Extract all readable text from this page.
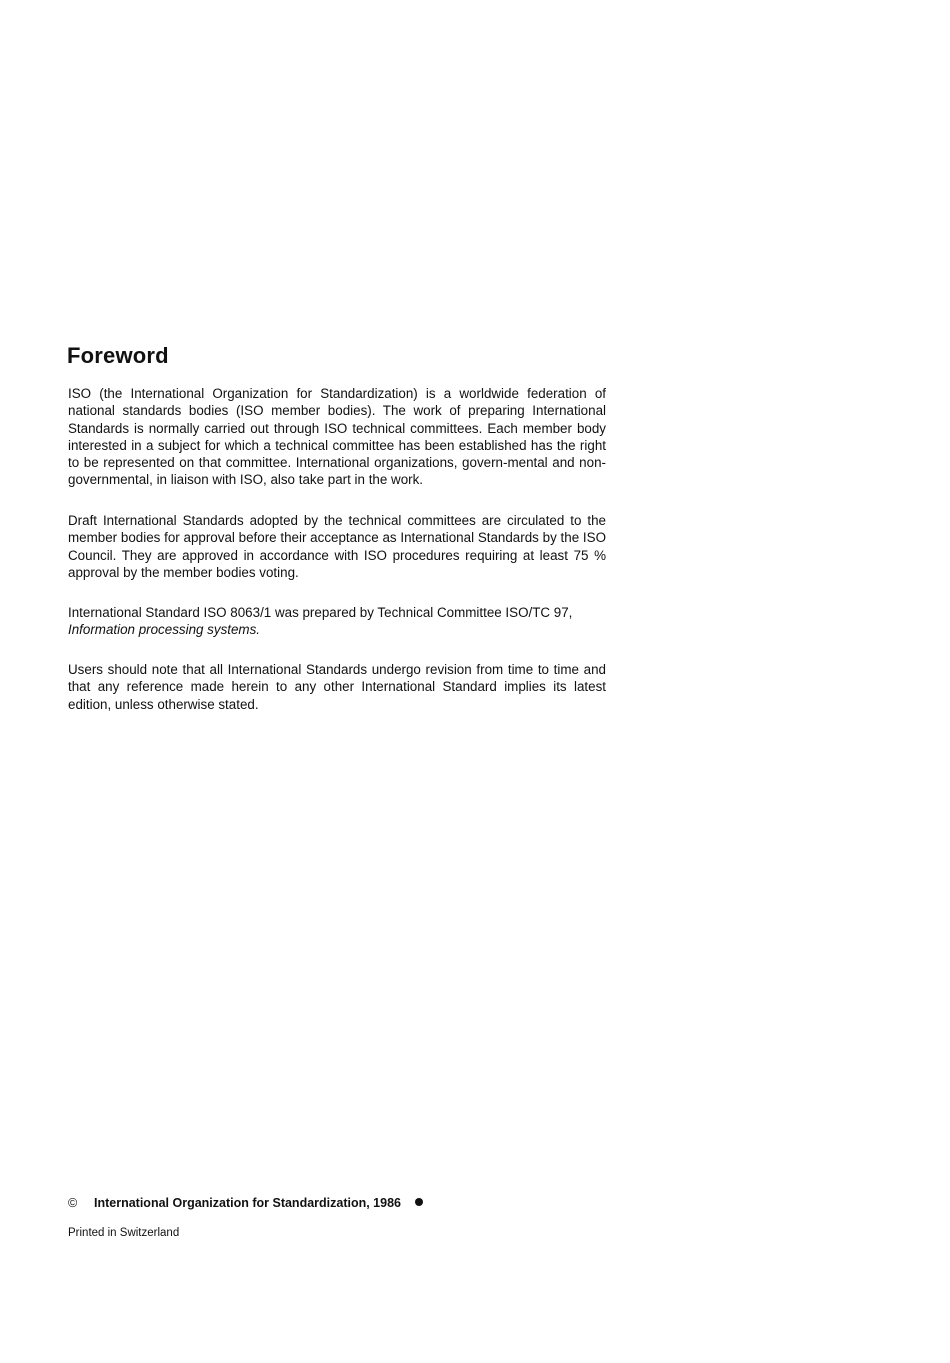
Foreword

ISO (the International Organization for Standardization) is a worldwide federation of national standards bodies (ISO member bodies). The work of preparing International Standards is normally carried out through ISO technical committees. Each member body interested in a subject for which a technical committee has been established has the right to be represented on that committee. International organizations, govern-mental and non-governmental, in liaison with ISO, also take part in the work.

Draft International Standards adopted by the technical committees are circulated to the member bodies for approval before their acceptance as International Standards by the ISO Council. They are approved in accordance with ISO procedures requiring at least 75 % approval by the member bodies voting.

International Standard ISO 8063/1 was prepared by Technical Committee ISO/TC 97,
Information processing systems.

Users should note that all International Standards undergo revision from time to time and that any reference made herein to any other International Standard implies its latest edition, unless otherwise stated.

© International Organization for Standardization, 1986
Printed in Switzerland
